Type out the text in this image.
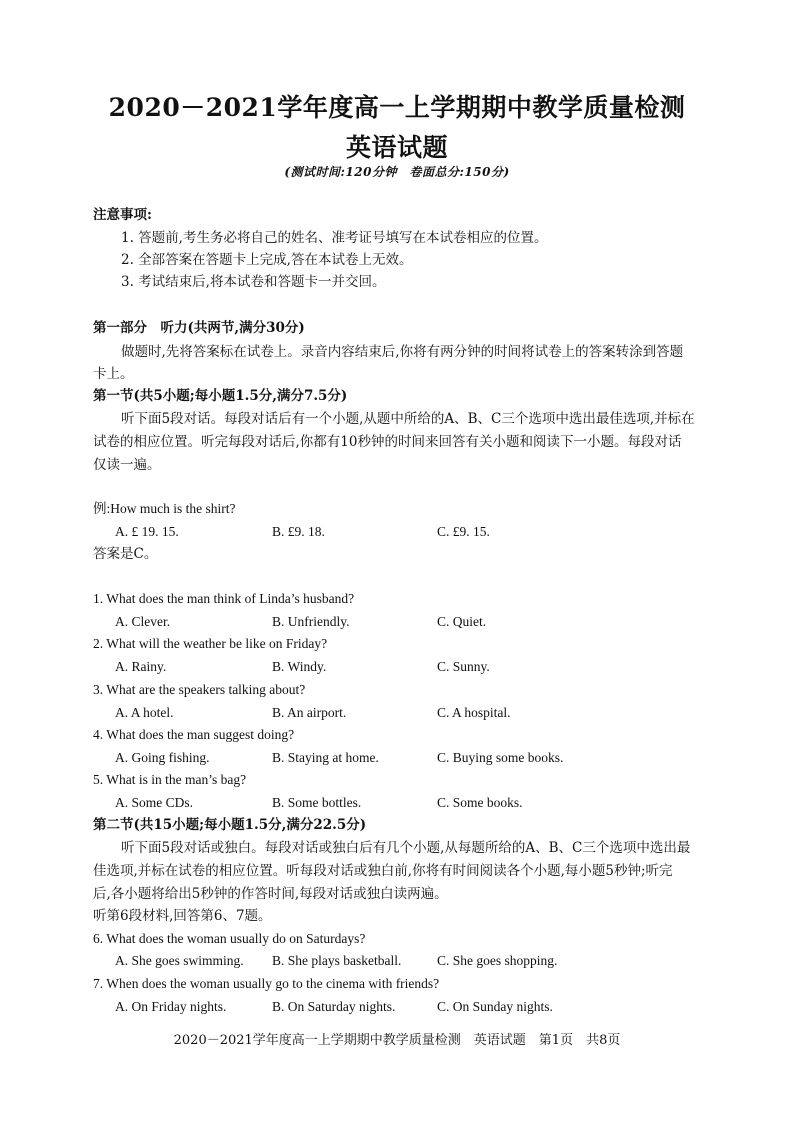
2020－2021学年度高一上学期期中教学质量检测
英语试题
(测试时间:120分钟　卷面总分:150分)
注意事项:
1. 答题前,考生务必将自己的姓名、准考证号填写在本试卷相应的位置。
2. 全部答案在答题卡上完成,答在本试卷上无效。
3. 考试结束后,将本试卷和答题卡一并交回。
第一部分　听力(共两节,满分30分)
做题时,先将答案标在试卷上。录音内容结束后,你将有两分钟的时间将试卷上的答案转涂到答题
卡上。
第一节(共5小题;每小题1.5分,满分7.5分)
听下面5段对话。每段对话后有一个小题,从题中所给的A、B、C三个选项中选出最佳选项,并标在
试卷的相应位置。听完每段对话后,你都有10秒钟的时间来回答有关小题和阅读下一小题。每段对话
仅读一遍。
例:How much is the shirt?
A. £ 19. 15.	B. £9. 18.	C. £9. 15.
答案是C。
1. What does the man think of Linda’s husband?
A. Clever.	B. Unfriendly.	C. Quiet.
2. What will the weather be like on Friday?
A. Rainy.	B. Windy.	C. Sunny.
3. What are the speakers talking about?
A. A hotel.	B. An airport.	C. A hospital.
4. What does the man suggest doing?
A. Going fishing.	B. Staying at home.	C. Buying some books.
5. What is in the man’s bag?
A. Some CDs.	B. Some bottles.	C. Some books.
第二节(共15小题;每小题1.5分,满分22.5分)
听下面5段对话或独白。每段对话或独白后有几个小题,从每题所给的A、B、C三个选项中选出最
佳选项,并标在试卷的相应位置。听每段对话或独白前,你将有时间阅读各个小题,每小题5秒钟;听完
后,各小题将给出5秒钟的作答时间,每段对话或独白读两遍。
听第6段材料,回答第6、7题。
6. What does the woman usually do on Saturdays?
A. She goes swimming. B. She plays basketball.	C. She goes shopping.
7. When does the woman usually go to the cinema with friends?
A. On Friday nights.	B. On Saturday nights.	C. On Sunday nights.
2020－2021学年度高一上学期期中教学质量检测　英语试题　第1页　共8页
